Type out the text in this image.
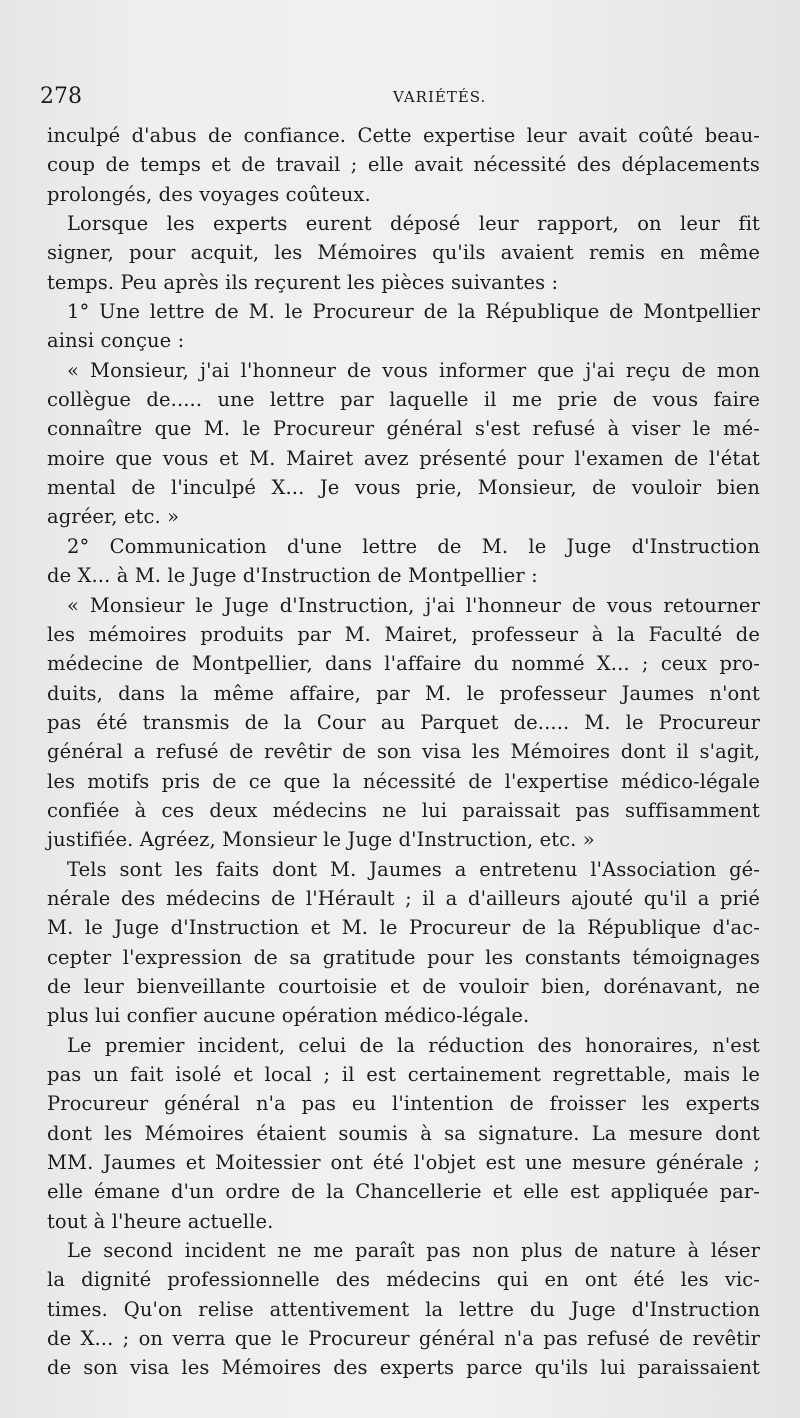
278	VARIÉTÉS.
inculpé d'abus de confiance. Cette expertise leur avait coûté beau-
coup de temps et de travail ; elle avait nécessité des déplacements
prolongés, des voyages coûteux.
Lorsque les experts eurent déposé leur rapport, on leur fit
signer, pour acquit, les Mémoires qu'ils avaient remis en même
temps. Peu après ils reçurent les pièces suivantes :
1° Une lettre de M. le Procureur de la République de Montpellier
ainsi conçue :
« Monsieur, j'ai l'honneur de vous informer que j'ai reçu de mon
collègue de..... une lettre par laquelle il me prie de vous faire
connaître que M. le Procureur général s'est refusé à viser le mé-
moire que vous et M. Mairet avez présenté pour l'examen de l'état
mental de l'inculpé X... Je vous prie, Monsieur, de vouloir bien
agréer, etc. »
2° Communication d'une lettre de M. le Juge d'Instruction
de X... à M. le Juge d'Instruction de Montpellier :
« Monsieur le Juge d'Instruction, j'ai l'honneur de vous retourner
les mémoires produits par M. Mairet, professeur à la Faculté de
médecine de Montpellier, dans l'affaire du nommé X... ; ceux pro-
duits, dans la même affaire, par M. le professeur Jaumes n'ont
pas été transmis de la Cour au Parquet de..... M. le Procureur
général a refusé de revêtir de son visa les Mémoires dont il s'agit,
les motifs pris de ce que la nécessité de l'expertise médico-légale
confiée à ces deux médecins ne lui paraissait pas suffisamment
justifiée. Agréez, Monsieur le Juge d'Instruction, etc. »
Tels sont les faits dont M. Jaumes a entretenu l'Association gé-
nérale des médecins de l'Hérault ; il a d'ailleurs ajouté qu'il a prié
M. le Juge d'Instruction et M. le Procureur de la République d'ac-
cepter l'expression de sa gratitude pour les constants témoignages
de leur bienveillante courtoisie et de vouloir bien, dorénavant, ne
plus lui confier aucune opération médico-légale.
Le premier incident, celui de la réduction des honoraires, n'est
pas un fait isolé et local ; il est certainement regrettable, mais le
Procureur général n'a pas eu l'intention de froisser les experts
dont les Mémoires étaient soumis à sa signature. La mesure dont
MM. Jaumes et Moitessier ont été l'objet est une mesure générale ;
elle émane d'un ordre de la Chancellerie et elle est appliquée par-
tout à l'heure actuelle.
Le second incident ne me paraît pas non plus de nature à léser
la dignité professionnelle des médecins qui en ont été les vic-
times. Qu'on relise attentivement la lettre du Juge d'Instruction
de X... ; on verra que le Procureur général n'a pas refusé de revêtir
de son visa les Mémoires des experts parce qu'ils lui paraissaient
